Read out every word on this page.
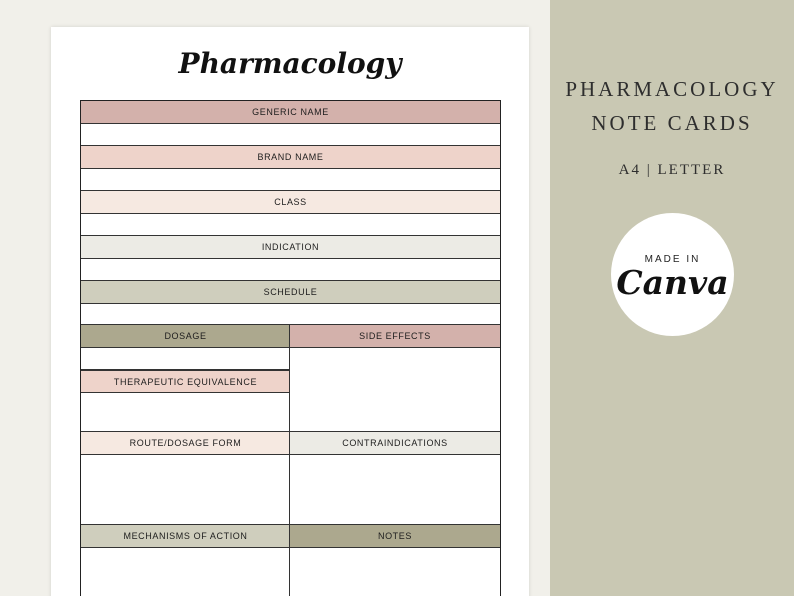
Pharmacology
GENERIC NAME
BRAND NAME
CLASS
INDICATION
SCHEDULE
DOSAGE	SIDE EFFECTS
THERAPEUTIC EQUIVALENCE
ROUTE/DOSAGE FORM	CONTRAINDICATIONS
MECHANISMS OF ACTION	NOTES
PHARMACOLOGY
NOTE CARDS
A4 | LETTER
MADE IN
Canva
